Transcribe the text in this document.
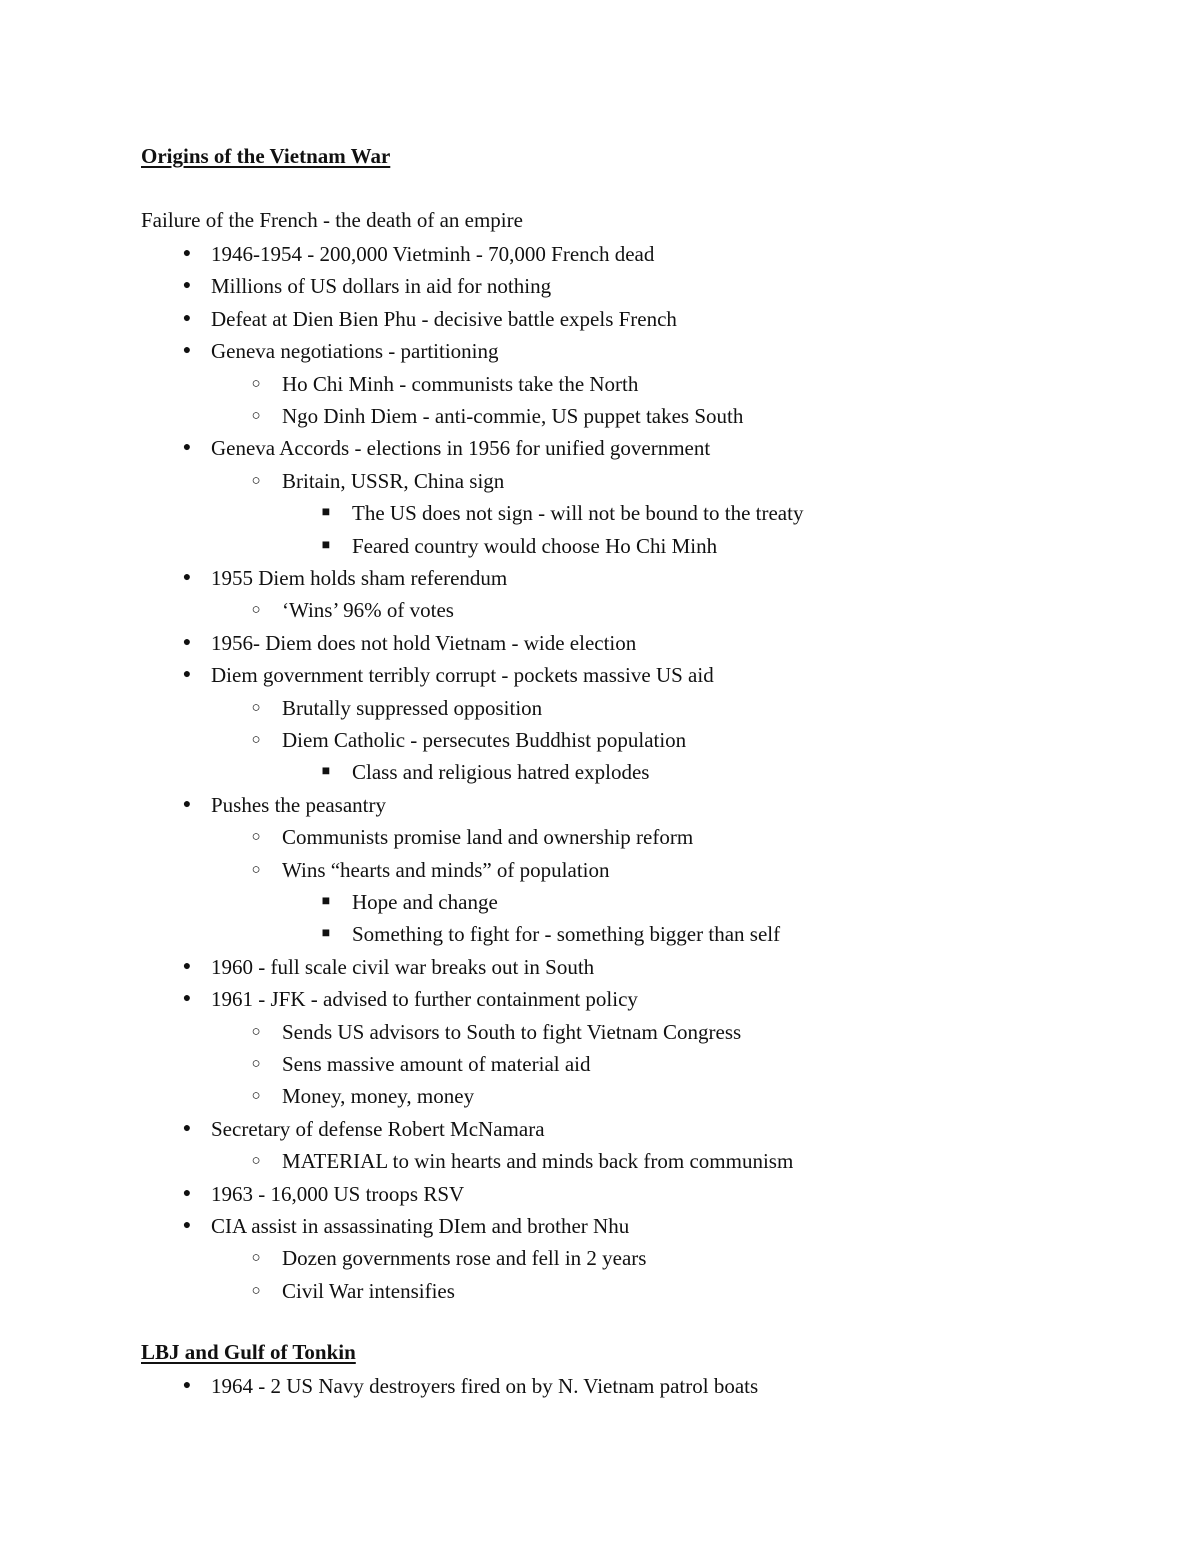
Origins of the Vietnam War
Failure of the French - the death of an empire
● 1946-1954 - 200,000 Vietminh - 70,000 French dead
● Millions of US dollars in aid for nothing
● Defeat at Dien Bien Phu - decisive battle expels French
● Geneva negotiations - partitioning
○ Ho Chi Minh - communists take the North
○ Ngo Dinh Diem - anti-commie, US puppet takes South
● Geneva Accords - elections in 1956 for unified government
○ Britain, USSR, China sign
■ The US does not sign - will not be bound to the treaty
■ Feared country would choose Ho Chi Minh
● 1955 Diem holds sham referendum
○ ‘Wins’ 96% of votes
● 1956- Diem does not hold Vietnam - wide election
● Diem government terribly corrupt - pockets massive US aid
○ Brutally suppressed opposition
○ Diem Catholic - persecutes Buddhist population
■ Class and religious hatred explodes
● Pushes the peasantry
○ Communists promise land and ownership reform
○ Wins “hearts and minds” of population
■ Hope and change
■ Something to fight for - something bigger than self
● 1960 - full scale civil war breaks out in South
● 1961 - JFK - advised to further containment policy
○ Sends US advisors to South to fight Vietnam Congress
○ Sens massive amount of material aid
○ Money, money, money
● Secretary of defense Robert McNamara
○ MATERIAL to win hearts and minds back from communism
● 1963 - 16,000 US troops RSV
● CIA assist in assassinating DIem and brother Nhu
○ Dozen governments rose and fell in 2 years
○ Civil War intensifies
LBJ and Gulf of Tonkin
● 1964 - 2 US Navy destroyers fired on by N. Vietnam patrol boats
